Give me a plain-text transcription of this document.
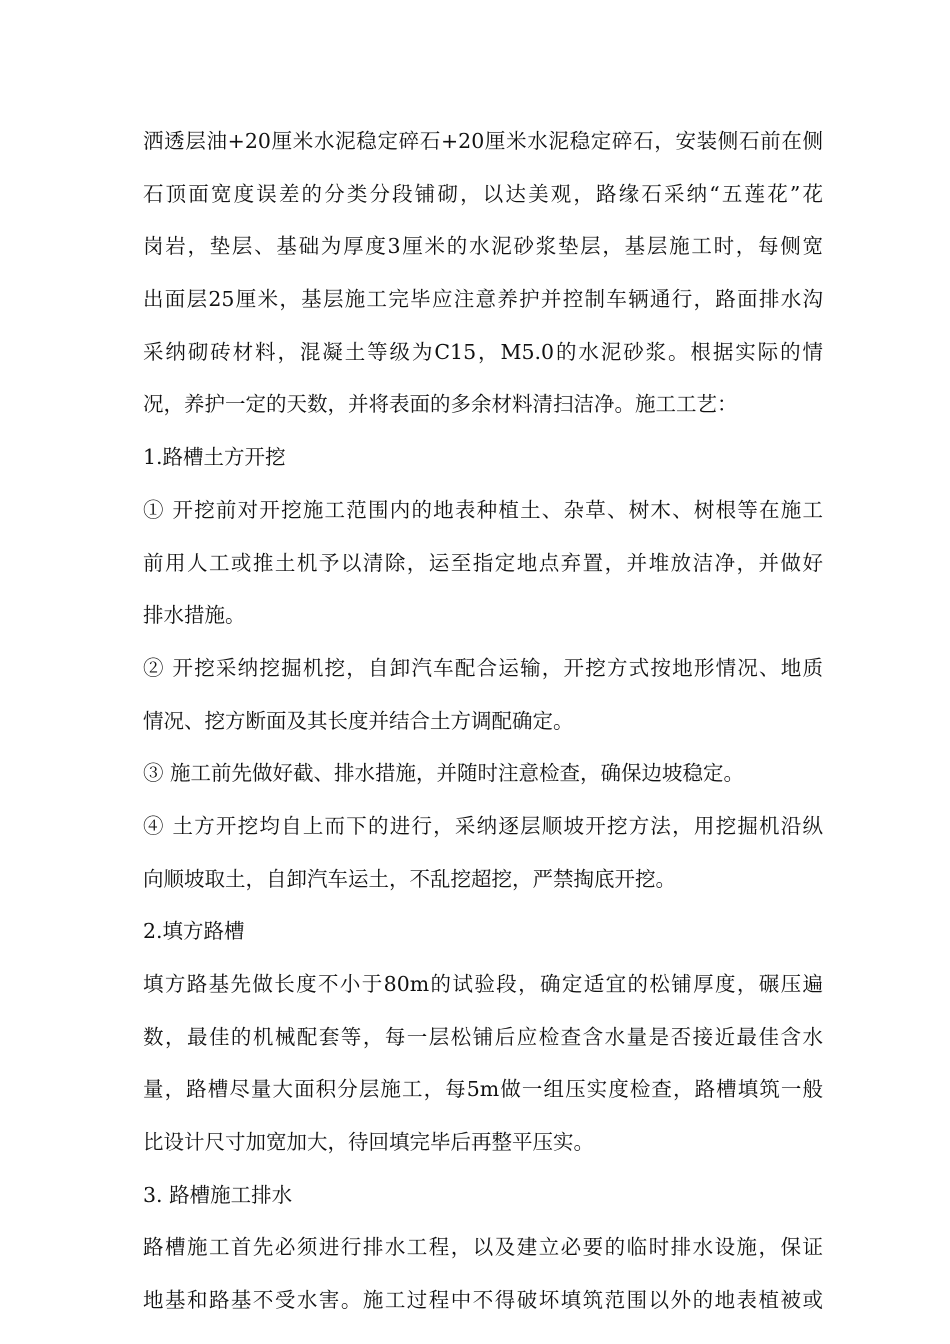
洒透层油+20厘米水泥稳定碎石+20厘米水泥稳定碎石，安装侧石前在侧
石顶面宽度误差的分类分段铺砌，以达美观，路缘石采纳“五莲花”花
岗岩，垫层、基础为厚度3厘米的水泥砂浆垫层，基层施工时，每侧宽
出面层25厘米，基层施工完毕应注意养护并控制车辆通行，路面排水沟
采纳砌砖材料，混凝土等级为C15，M5.0的水泥砂浆。根据实际的情
况，养护一定的天数，并将表面的多余材料清扫洁净。施工工艺：
1.路槽土方开挖
① 开挖前对开挖施工范围内的地表种植土、杂草、树木、树根等在施工
前用人工或推土机予以清除，运至指定地点弃置，并堆放洁净，并做好
排水措施。
② 开挖采纳挖掘机挖，自卸汽车配合运输，开挖方式按地形情况、地质
情况、挖方断面及其长度并结合土方调配确定。
③ 施工前先做好截、排水措施，并随时注意检查，确保边坡稳定。
④ 土方开挖均自上而下的进行，采纳逐层顺坡开挖方法，用挖掘机沿纵
向顺坡取土，自卸汽车运土，不乱挖超挖，严禁掏底开挖。
2.填方路槽
填方路基先做长度不小于80m的试验段，确定适宜的松铺厚度，碾压遍
数，最佳的机械配套等，每一层松铺后应检查含水量是否接近最佳含水
量，路槽尽量大面积分层施工，每5m做一组压实度检查，路槽填筑一般
比设计尺寸加宽加大，待回填完毕后再整平压实。
3. 路槽施工排水
路槽施工首先必须进行排水工程，以及建立必要的临时排水设施，保证
地基和路基不受水害。施工过程中不得破坏填筑范围以外的地表植被或
